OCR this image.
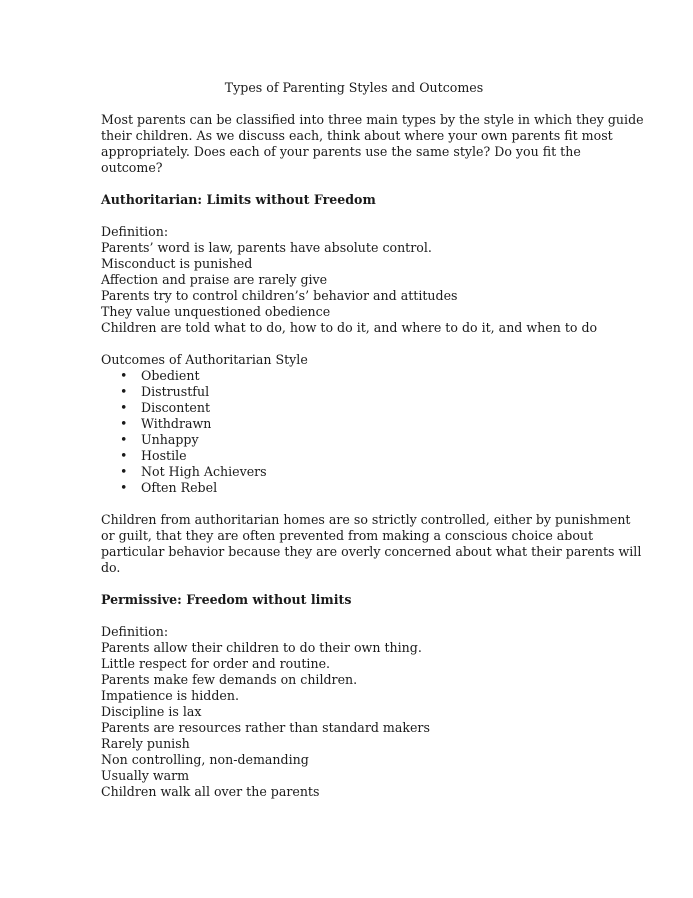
Types of Parenting Styles and Outcomes

Most parents can be classified into three main types by the style in which they guide
their children. As we discuss each, think about where your own parents fit most
appropriately. Does each of your parents use the same style? Do you fit the
outcome?

Authoritarian: Limits without Freedom

Definition:
Parents’ word is law, parents have absolute control.
Misconduct is punished
Affection and praise are rarely give
Parents try to control children’s’ behavior and attitudes
They value unquestioned obedience
Children are told what to do, how to do it, and where to do it, and when to do
Outcomes of Authoritarian Style
• Obedient
• Distrustful
• Discontent
• Withdrawn
• Unhappy
• Hostile
• Not High Achievers
• Often Rebel
Children from authoritarian homes are so strictly controlled, either by punishment
or guilt, that they are often prevented from making a conscious choice about
particular behavior because they are overly concerned about what their parents will
do.

Permissive: Freedom without limits

Definition:
Parents allow their children to do their own thing.
Little respect for order and routine.
Parents make few demands on children.
Impatience is hidden.
Discipline is lax
Parents are resources rather than standard makers
Rarely punish
Non controlling, non-demanding
Usually warm
Children walk all over the parents
